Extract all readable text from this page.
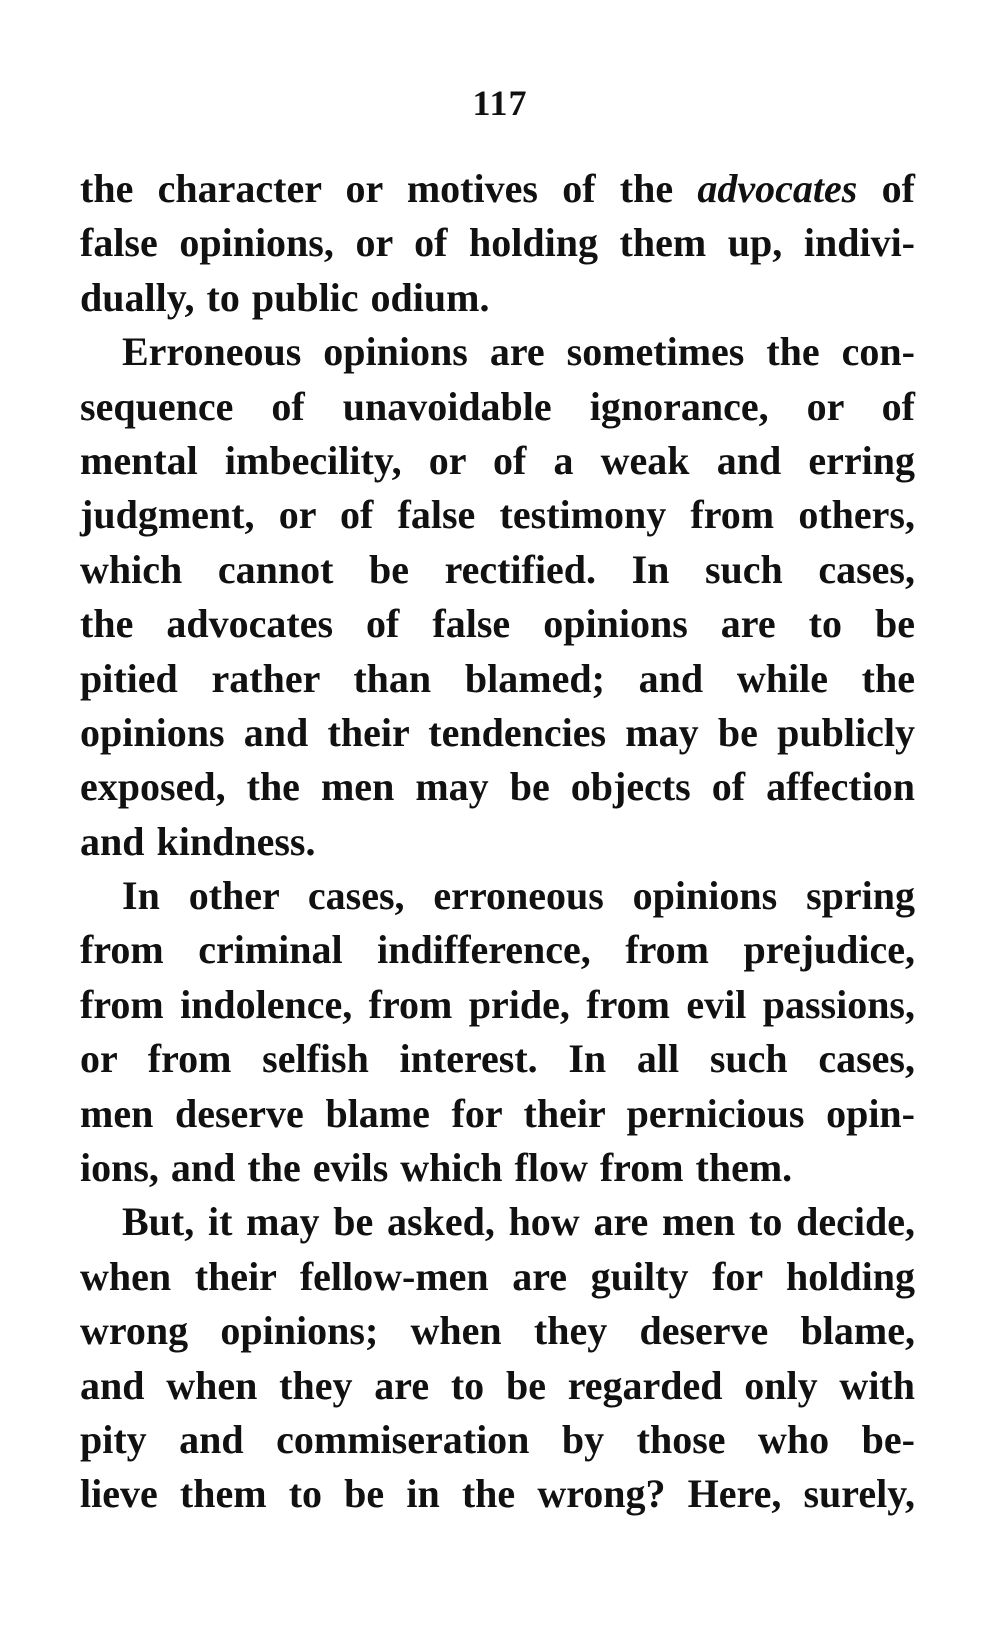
117
the character or motives of the advocates of
false opinions, or of holding them up, indivi-
dually, to public odium.
Erroneous opinions are sometimes the con-
sequence of unavoidable ignorance, or of
mental imbecility, or of a weak and erring
judgment, or of false testimony from others,
which cannot be rectified. In such cases,
the advocates of false opinions are to be
pitied rather than blamed; and while the
opinions and their tendencies may be publicly
exposed, the men may be objects of affection
and kindness.
In other cases, erroneous opinions spring
from criminal indifference, from prejudice,
from indolence, from pride, from evil passions,
or from selfish interest. In all such cases,
men deserve blame for their pernicious opin-
ions, and the evils which flow from them.
But, it may be asked, how are men to decide,
when their fellow-men are guilty for holding
wrong opinions; when they deserve blame,
and when they are to be regarded only with
pity and commiseration by those who be-
lieve them to be in the wrong? Here, surely,
